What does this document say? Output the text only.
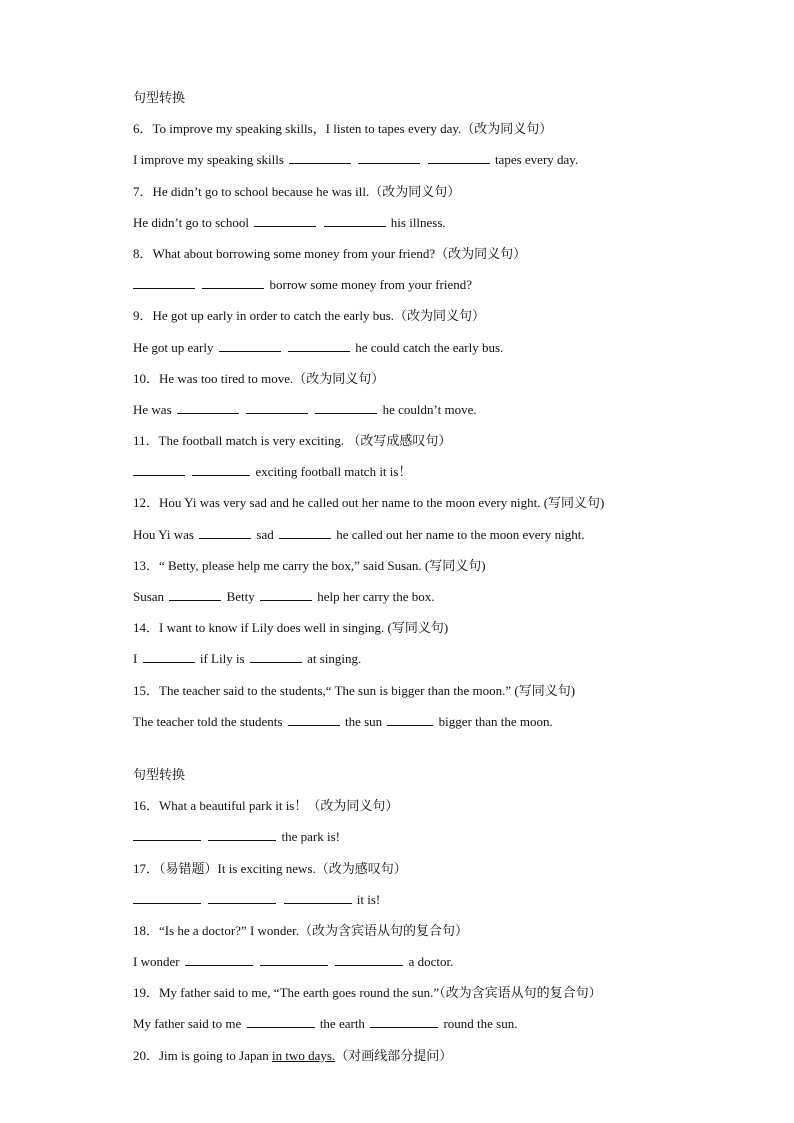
句型转换
6．To improve my speaking skills，I listen to tapes every day.（改为同义句）
I improve my speaking skills	tapes every day.
7．He didn’t go to school because he was ill.（改为同义句）
He didn’t go to school	his illness.
8．What about borrowing some money from your friend?（改为同义句）
borrow some money from your friend?
9．He got up early in order to catch the early bus.（改为同义句）
He got up early	he could catch the early bus.
10．He was too tired to move.（改为同义句）
He was	he couldn’t move.
11．The football match is very exciting. （改写成感叹句）
exciting football match it is！
12．Hou Yi was very sad and he called out her name to the moon every night. (写同义句)
Hou Yi was	sad	he called out her name to the moon every night.
13．“ Betty, please help me carry the box,” said Susan. (写同义句)
Susan	Betty	help her carry the box.
14．I want to know if Lily does well in singing. (写同义句)
I	if Lily is	at singing.
15．The teacher said to the students,“ The sun is bigger than the moon.” (写同义句)
The teacher told the students	the sun	bigger than the moon.
句型转换
16．What a beautiful park it is！（改为同义句）
the park is!
17．（易错题）It is exciting news.（改为感叹句）
it is!
18．“Is he a doctor?” I wonder.（改为含宾语从句的复合句）
I wonder	a doctor.
19．My father said to me, “The earth goes round the sun.”（改为含宾语从句的复合句）
My father said to me	the earth	round the sun.
20．Jim is going to Japan in two days.（对画线部分提问）
